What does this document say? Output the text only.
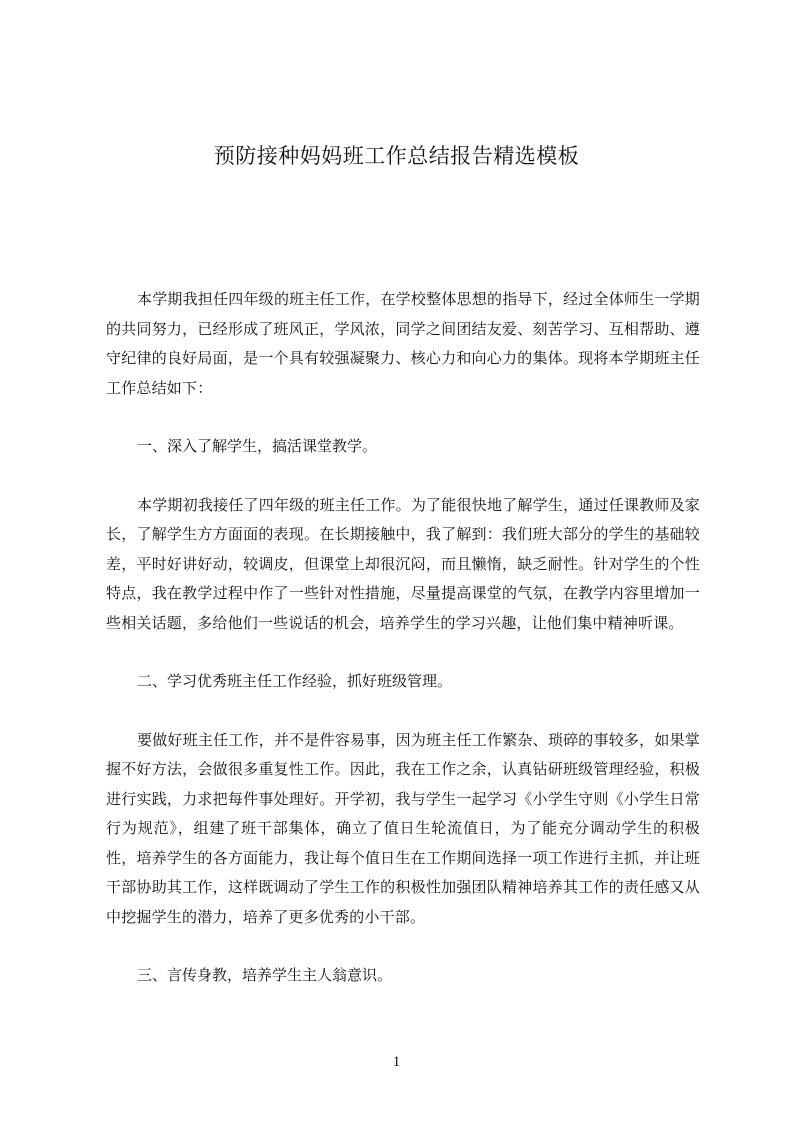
预防接种妈妈班工作总结报告精选模板

本学期我担任四年级的班主任工作，在学校整体思想的指导下，经过全体师生一学期的共同努力，已经形成了班风正，学风浓，同学之间团结友爱、刻苦学习、互相帮助、遵守纪律的良好局面，是一个具有较强凝聚力、核心力和向心力的集体。现将本学期班主任工作总结如下：

一、深入了解学生，搞活课堂教学。

本学期初我接任了四年级的班主任工作。为了能很快地了解学生，通过任课教师及家长，了解学生方方面面的表现。在长期接触中，我了解到：我们班大部分的学生的基础较差，平时好讲好动，较调皮，但课堂上却很沉闷，而且懒惰，缺乏耐性。针对学生的个性特点，我在教学过程中作了一些针对性措施，尽量提高课堂的气氛，在教学内容里增加一些相关话题，多给他们一些说话的机会，培养学生的学习兴趣，让他们集中精神听课。

二、学习优秀班主任工作经验，抓好班级管理。

要做好班主任工作，并不是件容易事，因为班主任工作繁杂、琐碎的事较多，如果掌握不好方法，会做很多重复性工作。因此，我在工作之余，认真钻研班级管理经验，积极进行实践，力求把每件事处理好。开学初，我与学生一起学习《小学生守则《小学生日常行为规范》，组建了班干部集体，确立了值日生轮流值日，为了能充分调动学生的积极性，培养学生的各方面能力，我让每个值日生在工作期间选择一项工作进行主抓，并让班干部协助其工作，这样既调动了学生工作的积极性加强团队精神培养其工作的责任感又从中挖掘学生的潜力，培养了更多优秀的小干部。

三、言传身教，培养学生主人翁意识。

1
